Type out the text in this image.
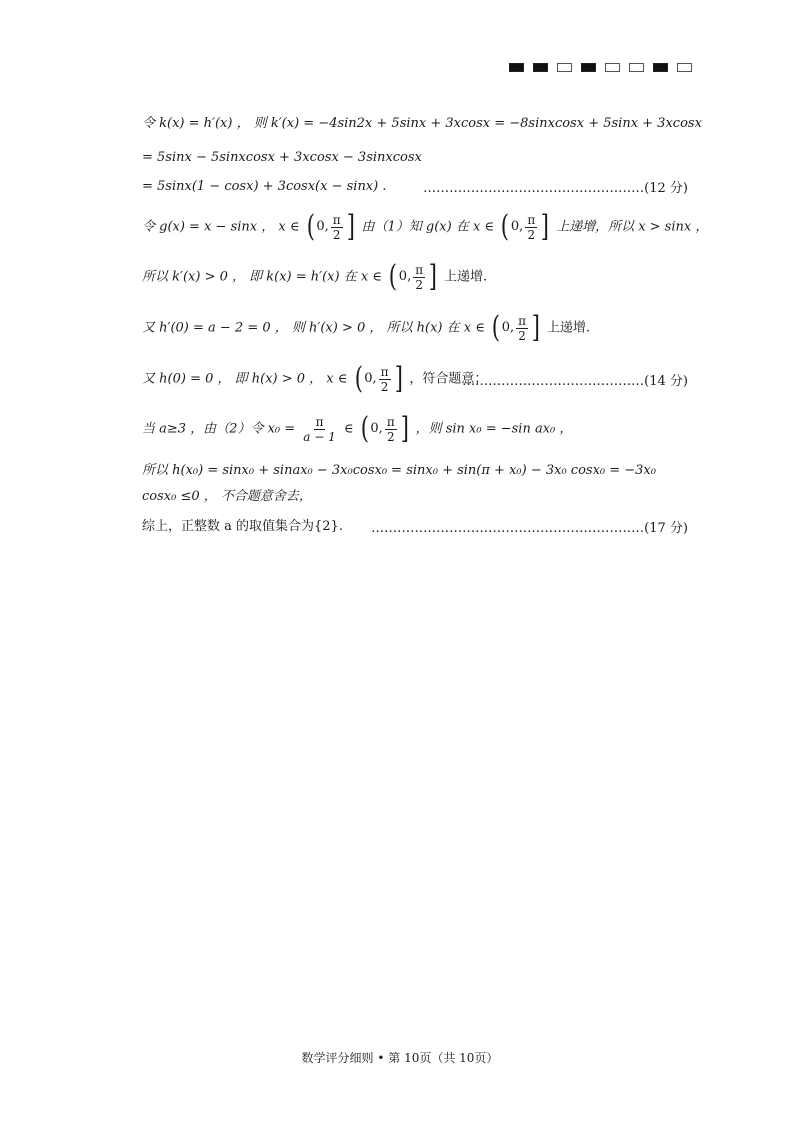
令 k(x) = h′(x) ， 则 k′(x) = −4sin2x + 5sinx + 3xcosx = −8sinxcosx + 5sinx + 3xcosx
= 5sinx − 5sinxcosx + 3xcosx − 3sinxcosx
= 5sinx(1 − cosx) + 3cosx(x − sinx) .	……………………………………………(12 分)
令 g(x) = x − sinx ， x ∈ ( 0, $\frac{\pi}{2}$ ] 由（1）知 g(x) 在 x ∈ ( 0, $\frac{\pi}{2}$ ] 上递增，所以 x > sinx ，
所以 k′(x) > 0 ， 即 k(x) = h′(x) 在 x ∈ ( 0, $\frac{\pi}{2}$ ] 上递增.
又 h′(0) = a − 2 = 0 ， 则 h′(x) > 0 ， 所以 h(x) 在 x ∈ ( 0, $\frac{\pi}{2}$ ] 上递增.
又 h(0) = 0 ， 即 h(x) > 0 ， x ∈ ( 0, $\frac{\pi}{2}$ ] ，符合题意；
……………………………………(14 分)
当 a≥3 ，由（2）令 $x_0 = \frac{\pi}{a - 1}$ ∈ ( 0, $\frac{\pi}{2}$ ] ，则 sin x₀ = −sin ax₀ ，
所以 h(x₀) = sinx₀ + sinax₀ − 3x₀cosx₀ = sinx₀ + sin(π + x₀) − 3x₀ cosx₀ = −3x₀ cosx₀ ≤0 ， 不合题意舍去，
综上，正整数 a 的取值集合为{2}. ………………………………………………………(17 分)
数学评分细则 • 第 10页（共 10页）
